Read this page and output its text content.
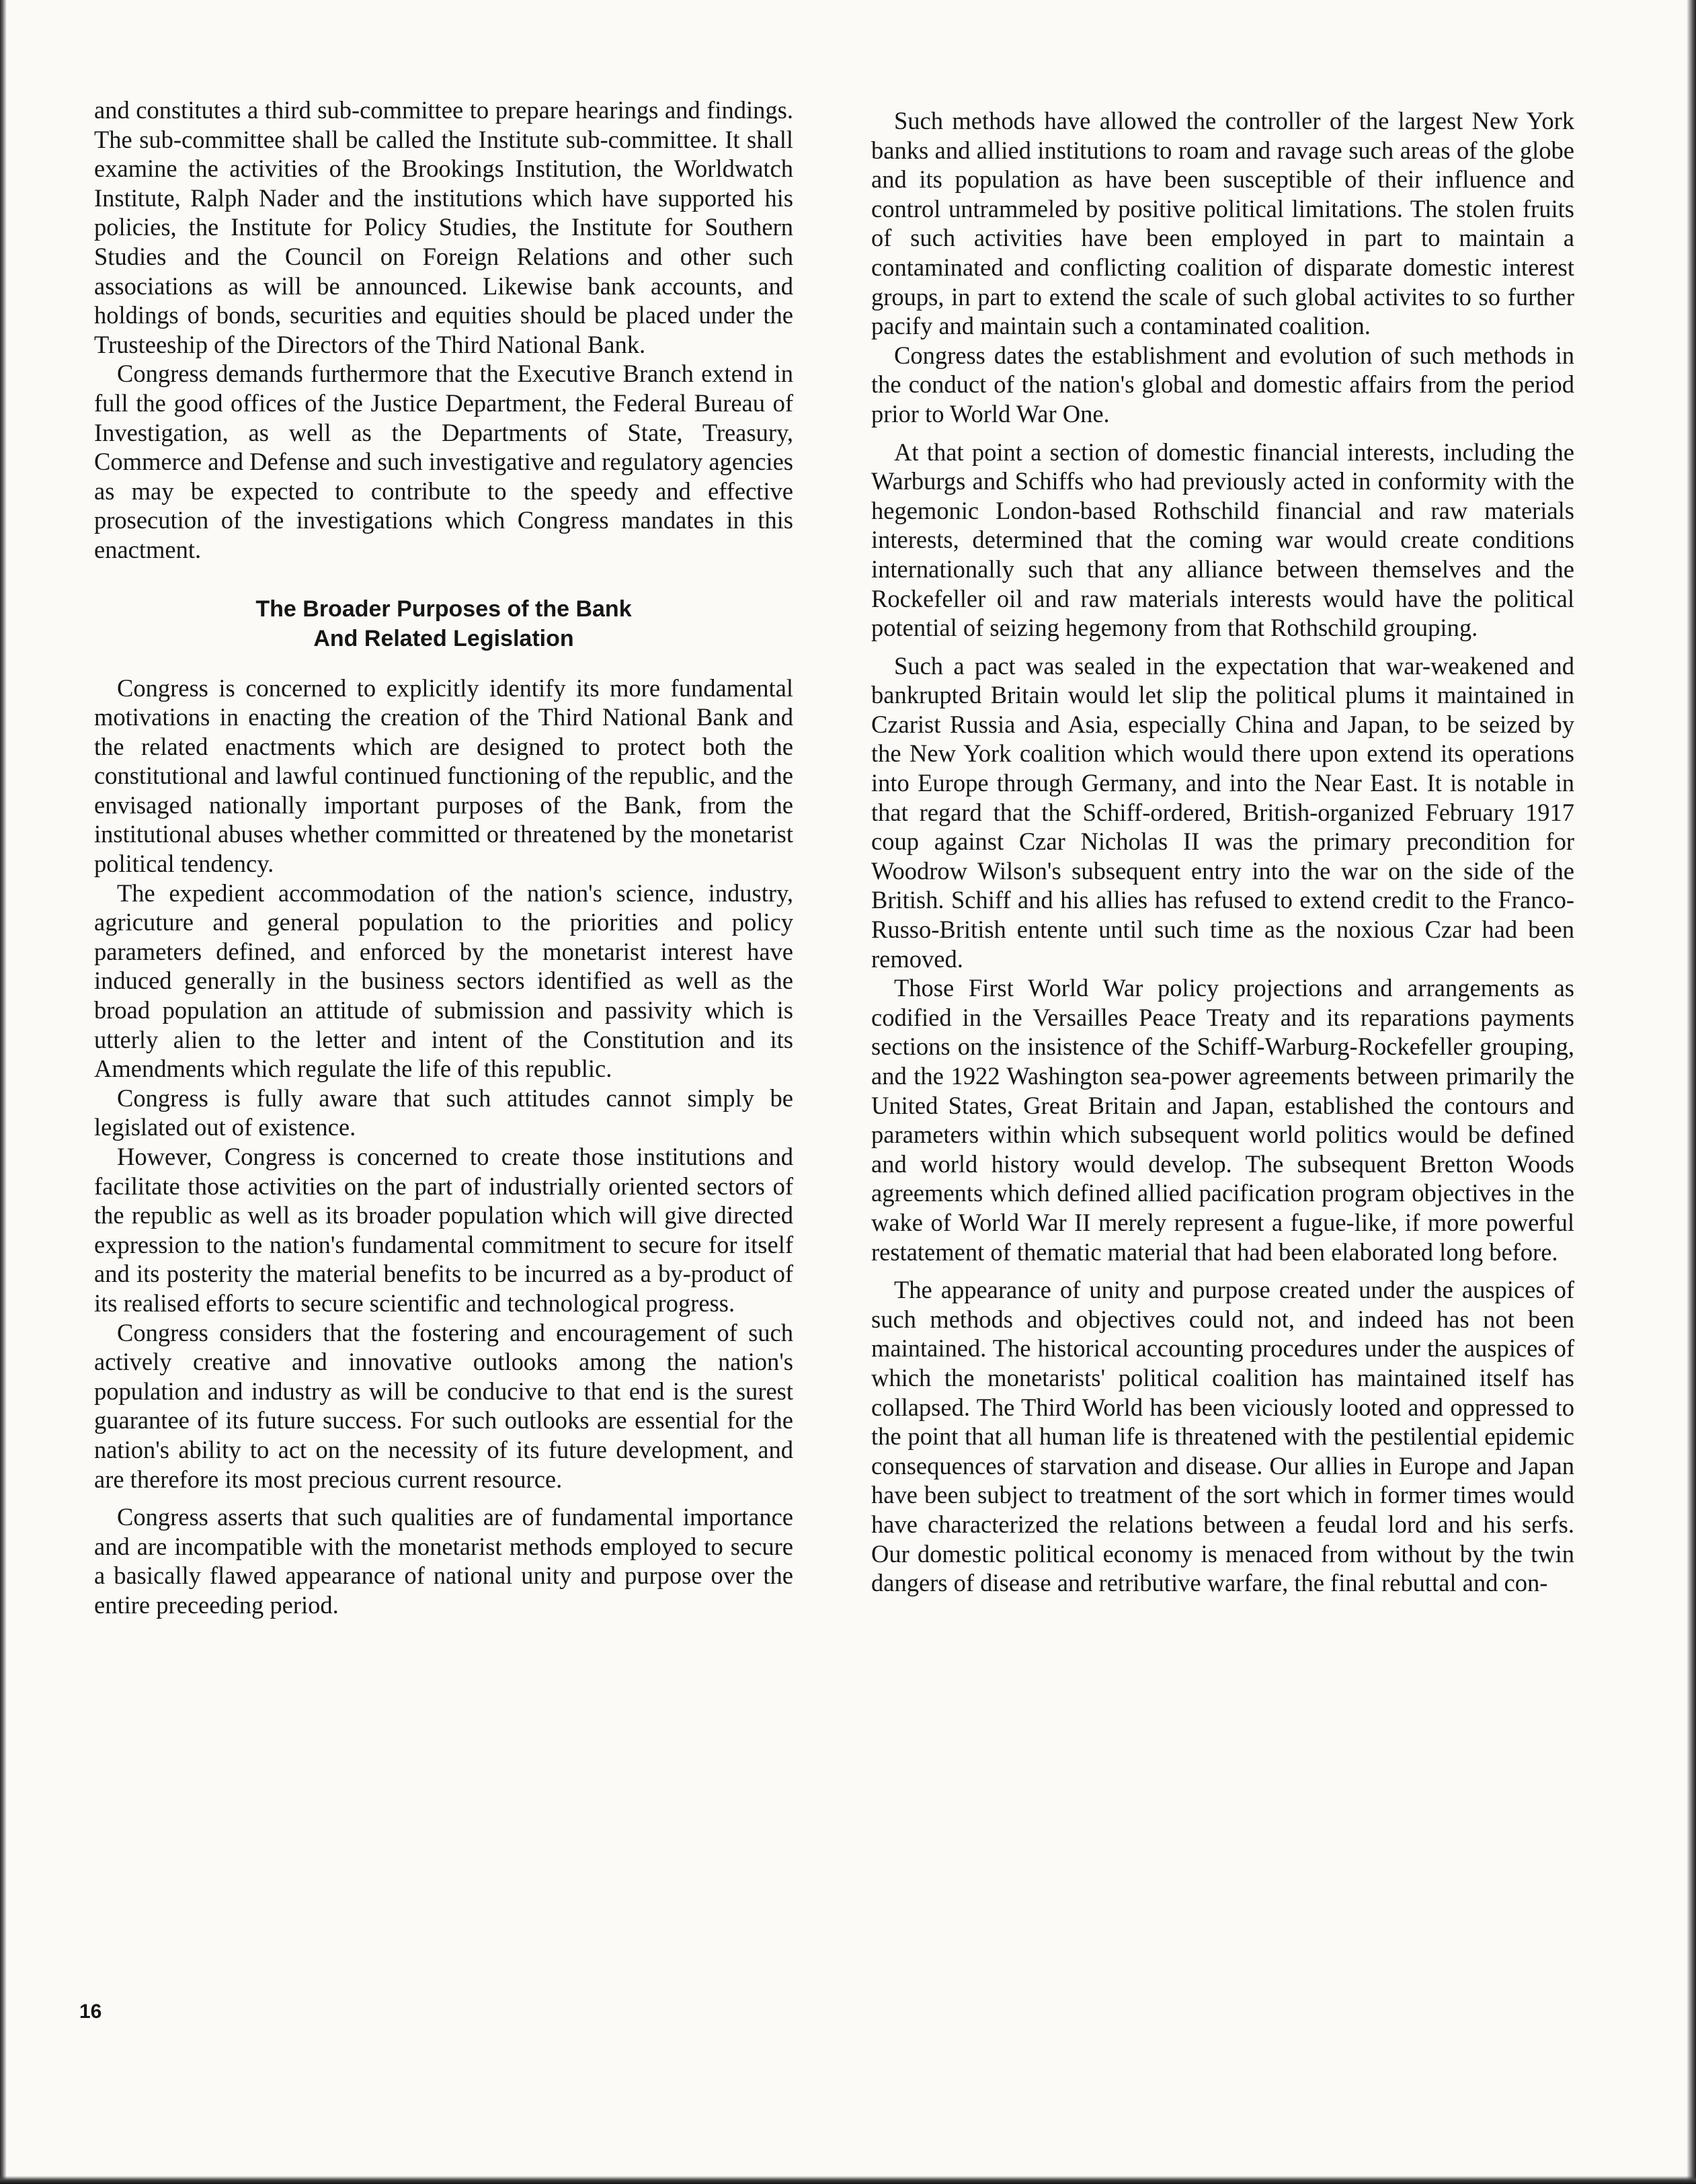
and constitutes a third sub-committee to prepare hearings and findings. The sub-committee shall be called the Institute sub-committee. It shall examine the activities of the Brookings Institution, the Worldwatch Institute, Ralph Nader and the institutions which have supported his policies, the Institute for Policy Studies, the Institute for Southern Studies and the Council on Foreign Relations and other such associations as will be announced. Likewise bank accounts, and holdings of bonds, securities and equities should be placed under the Trusteeship of the Directors of the Third National Bank.

Congress demands furthermore that the Executive Branch extend in full the good offices of the Justice Department, the Federal Bureau of Investigation, as well as the Departments of State, Treasury, Commerce and Defense and such investigative and regulatory agencies as may be expected to contribute to the speedy and effective prosecution of the investigations which Congress mandates in this enactment.

The Broader Purposes of the Bank
And Related Legislation

Congress is concerned to explicitly identify its more fundamental motivations in enacting the creation of the Third National Bank and the related enactments which are designed to protect both the constitutional and lawful continued functioning of the republic, and the envisaged nationally important purposes of the Bank, from the institutional abuses whether committed or threatened by the monetarist political tendency.

The expedient accommodation of the nation's science, industry, agricuture and general population to the priorities and policy parameters defined, and enforced by the monetarist interest have induced generally in the business sectors identified as well as the broad population an attitude of submission and passivity which is utterly alien to the letter and intent of the Constitution and its Amendments which regulate the life of this republic.

Congress is fully aware that such attitudes cannot simply be legislated out of existence.

However, Congress is concerned to create those institutions and facilitate those activities on the part of industrially oriented sectors of the republic as well as its broader population which will give directed expression to the nation's fundamental commitment to secure for itself and its posterity the material benefits to be incurred as a by-product of its realised efforts to secure scientific and technological progress.

Congress considers that the fostering and encouragement of such actively creative and innovative outlooks among the nation's population and industry as will be conducive to that end is the surest guarantee of its future success. For such outlooks are essential for the nation's ability to act on the necessity of its future development, and are therefore its most precious current resource.

Congress asserts that such qualities are of fundamental importance and are incompatible with the monetarist methods employed to secure a basically flawed appearance of national unity and purpose over the entire preceeding period.

Such methods have allowed the controller of the largest New York banks and allied institutions to roam and ravage such areas of the globe and its population as have been susceptible of their influence and control untrammeled by positive political limitations. The stolen fruits of such activities have been employed in part to maintain a contaminated and conflicting coalition of disparate domestic interest groups, in part to extend the scale of such global activites to so further pacify and maintain such a contaminated coalition.

Congress dates the establishment and evolution of such methods in the conduct of the nation's global and domestic affairs from the period prior to World War One.

At that point a section of domestic financial interests, including the Warburgs and Schiffs who had previously acted in conformity with the hegemonic London-based Rothschild financial and raw materials interests, determined that the coming war would create conditions internationally such that any alliance between themselves and the Rockefeller oil and raw materials interests would have the political potential of seizing hegemony from that Rothschild grouping.

Such a pact was sealed in the expectation that war-weakened and bankrupted Britain would let slip the political plums it maintained in Czarist Russia and Asia, especially China and Japan, to be seized by the New York coalition which would there upon extend its operations into Europe through Germany, and into the Near East. It is notable in that regard that the Schiff-ordered, British-organized February 1917 coup against Czar Nicholas II was the primary precondition for Woodrow Wilson's subsequent entry into the war on the side of the British. Schiff and his allies has refused to extend credit to the Franco-Russo-British entente until such time as the noxious Czar had been removed.

Those First World War policy projections and arrangements as codified in the Versailles Peace Treaty and its reparations payments sections on the insistence of the Schiff-Warburg-Rockefeller grouping, and the 1922 Washington sea-power agreements between primarily the United States, Great Britain and Japan, established the contours and parameters within which subsequent world politics would be defined and world history would develop. The subsequent Bretton Woods agreements which defined allied pacification program objectives in the wake of World War II merely represent a fugue-like, if more powerful restatement of thematic material that had been elaborated long before.

The appearance of unity and purpose created under the auspices of such methods and objectives could not, and indeed has not been maintained. The historical accounting procedures under the auspices of which the monetarists' political coalition has maintained itself has collapsed. The Third World has been viciously looted and oppressed to the point that all human life is threatened with the pestilential epidemic consequences of starvation and disease. Our allies in Europe and Japan have been subject to treatment of the sort which in former times would have characterized the relations between a feudal lord and his serfs. Our domestic political economy is menaced from without by the twin dangers of disease and retributive warfare, the final rebuttal and con-

16
